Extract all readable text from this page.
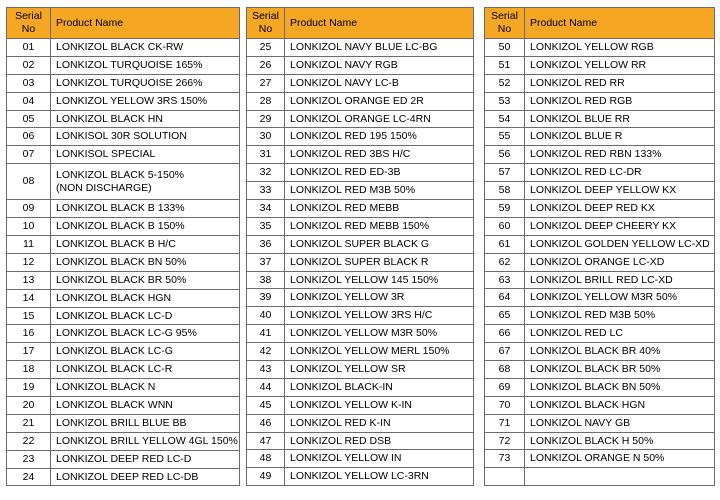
Serial
No	Product Name
01	LONKIZOL BLACK CK-RW
02	LONKIZOL TURQUOISE 165%
03	LONKIZOL TURQUOISE 266%
04	LONKIZOL YELLOW 3RS 150%
05	LONKIZOL BLACK HN
06	LONKISOL 30R SOLUTION
07	LONKISOL SPECIAL
08	LONKIZOL BLACK 5-150%
(NON DISCHARGE)
09	LONKIZOL BLACK B 133%
10	LONKIZOL BLACK B 150%
11	LONKIZOL BLACK B H/C
12	LONKIZOL BLACK BN 50%
13	LONKIZOL BLACK BR 50%
14	LONKIZOL BLACK HGN
15	LONKIZOL BLACK LC-D
16	LONKIZOL BLACK LC-G 95%
17	LONKIZOL BLACK LC-G
18	LONKIZOL BLACK LC-R
19	LONKIZOL BLACK N
20	LONKIZOL BLACK WNN
21	LONKIZOL BRILL BLUE BB
22	LONKIZOL BRILL YELLOW 4GL 150%
23	LONKIZOL DEEP RED LC-D
24	LONKIZOL DEEP RED LC-DB
Serial
No	Product Name
25	LONKIZOL NAVY BLUE LC-BG
26	LONKIZOL NAVY RGB
27	LONKIZOL NAVY LC-B
28	LONKIZOL ORANGE ED 2R
29	LONKIZOL ORANGE LC-4RN
30	LONKIZOL RED 195 150%
31	LONKIZOL RED 3BS H/C
32	LONKIZOL RED ED-3B
33	LONKIZOL RED M3B 50%
34	LONKIZOL RED MEBB
35	LONKIZOL RED MEBB 150%
36	LONKIZOL SUPER BLACK G
37	LONKIZOL SUPER BLACK R
38	LONKIZOL YELLOW 145 150%
39	LONKIZOL YELLOW 3R
40	LONKIZOL YELLOW 3RS H/C
41	LONKIZOL YELLOW M3R 50%
42	LONKIZOL YELLOW MERL 150%
43	LONKIZOL YELLOW SR
44	LONKIZOL BLACK-IN
45	LONKIZOL YELLOW K-IN
46	LONKIZOL RED K-IN
47	LONKIZOL RED DSB
48	LONKIZOL YELLOW IN
49	LONKIZOL YELLOW LC-3RN
Serial
No	Product Name
50	LONKIZOL YELLOW RGB
51	LONKIZOL YELLOW RR
52	LONKIZOL RED RR
53	LONKIZOL RED RGB
54	LONKIZOL BLUE RR
55	LONKIZOL BLUE R
56	LONKIZOL RED RBN 133%
57	LONKIZOL RED LC-DR
58	LONKIZOL DEEP YELLOW KX
59	LONKIZOL DEEP RED KX
60	LONKIZOL DEEP CHEERY KX
61	LONKIZOL GOLDEN YELLOW LC-XD
62	LONKIZOL ORANGE LC-XD
63	LONKIZOL BRILL RED LC-XD
64	LONKIZOL YELLOW M3R 50%
65	LONKIZOL RED M3B 50%
66	LONKIZOL RED LC
67	LONKIZOL BLACK BR 40%
68	LONKIZOL BLACK BR 50%
69	LONKIZOL BLACK BN 50%
70	LONKIZOL BLACK HGN
71	LONKIZOL NAVY GB
72	LONKIZOL BLACK H 50%
73	LONKIZOL ORANGE N 50%
